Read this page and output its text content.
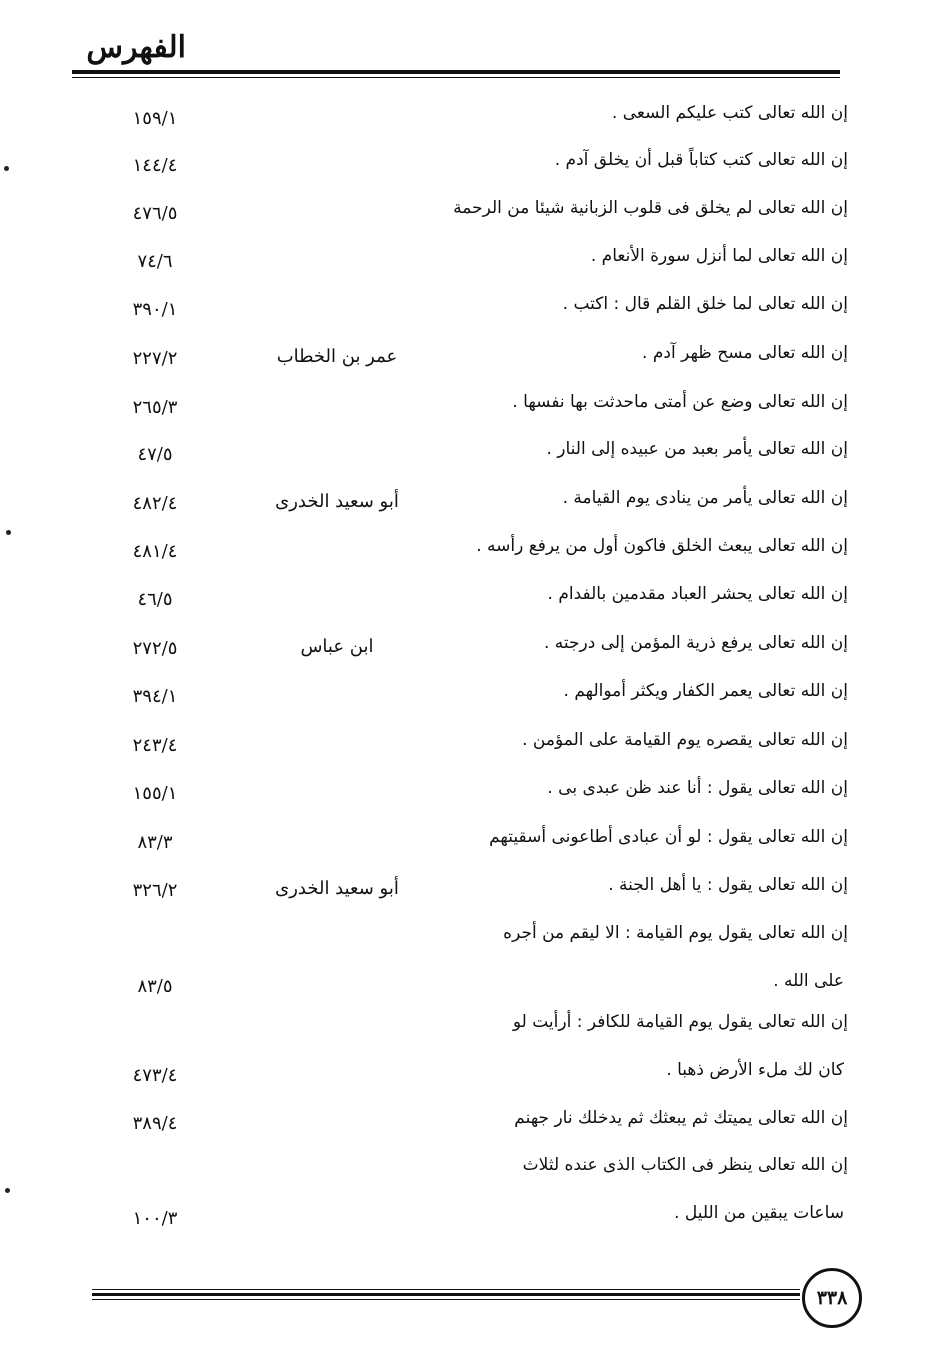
الفهرس
إن الله تعالى كتب عليكم السعى .
١٥٩/١
إن الله تعالى كتب كتاباً قبل أن يخلق آدم .
١٤٤/٤
إن الله تعالى لم يخلق فى قلوب الزبانية شيئا من الرحمة
٤٧٦/٥
إن الله تعالى لما أنزل سورة الأنعام .
٧٤/٦
إن الله تعالى لما خلق القلم قال : اكتب .
٣٩٠/١
إن الله تعالى مسح ظهر آدم .
عمر بن الخطاب
٢٢٧/٢
إن الله تعالى وضع عن أمتى ماحدثت بها نفسها .
٢٦٥/٣
إن الله تعالى يأمر بعبد من عبيده إلى النار .
٤٧/٥
إن الله تعالى يأمر من ينادى يوم القيامة .
أبو سعيد الخدرى
٤٨٢/٤
إن الله تعالى يبعث الخلق فاكون أول من يرفع رأسه .
٤٨١/٤
إن الله تعالى يحشر العباد مقدمين بالفدام .
٤٦/٥
إن الله تعالى يرفع ذرية المؤمن إلى درجته .
ابن عباس
٢٧٢/٥
إن الله تعالى يعمر الكفار ويكثر أموالهم .
٣٩٤/١
إن الله تعالى يقصره يوم القيامة على المؤمن .
٢٤٣/٤
إن الله تعالى يقول : أنا عند ظن عبدى بى .
١٥٥/١
إن الله تعالى يقول : لو أن عبادى أطاعونى أسقيتهم
٨٣/٣
إن الله تعالى يقول : يا أهل الجنة .
أبو سعيد الخدرى
٣٢٦/٢
إن الله تعالى يقول يوم القيامة : الا ليقم من أجره
على الله .
٨٣/٥
إن الله تعالى يقول يوم القيامة للكافر : أرأيت لو
كان لك ملء الأرض ذهبا .
٤٧٣/٤
إن الله تعالى يميتك ثم يبعثك ثم يدخلك نار جهنم
٣٨٩/٤
إن الله تعالى ينظر فى الكتاب الذى عنده لثلاث
ساعات يبقين من الليل .
١٠٠/٣
٣٣٨
